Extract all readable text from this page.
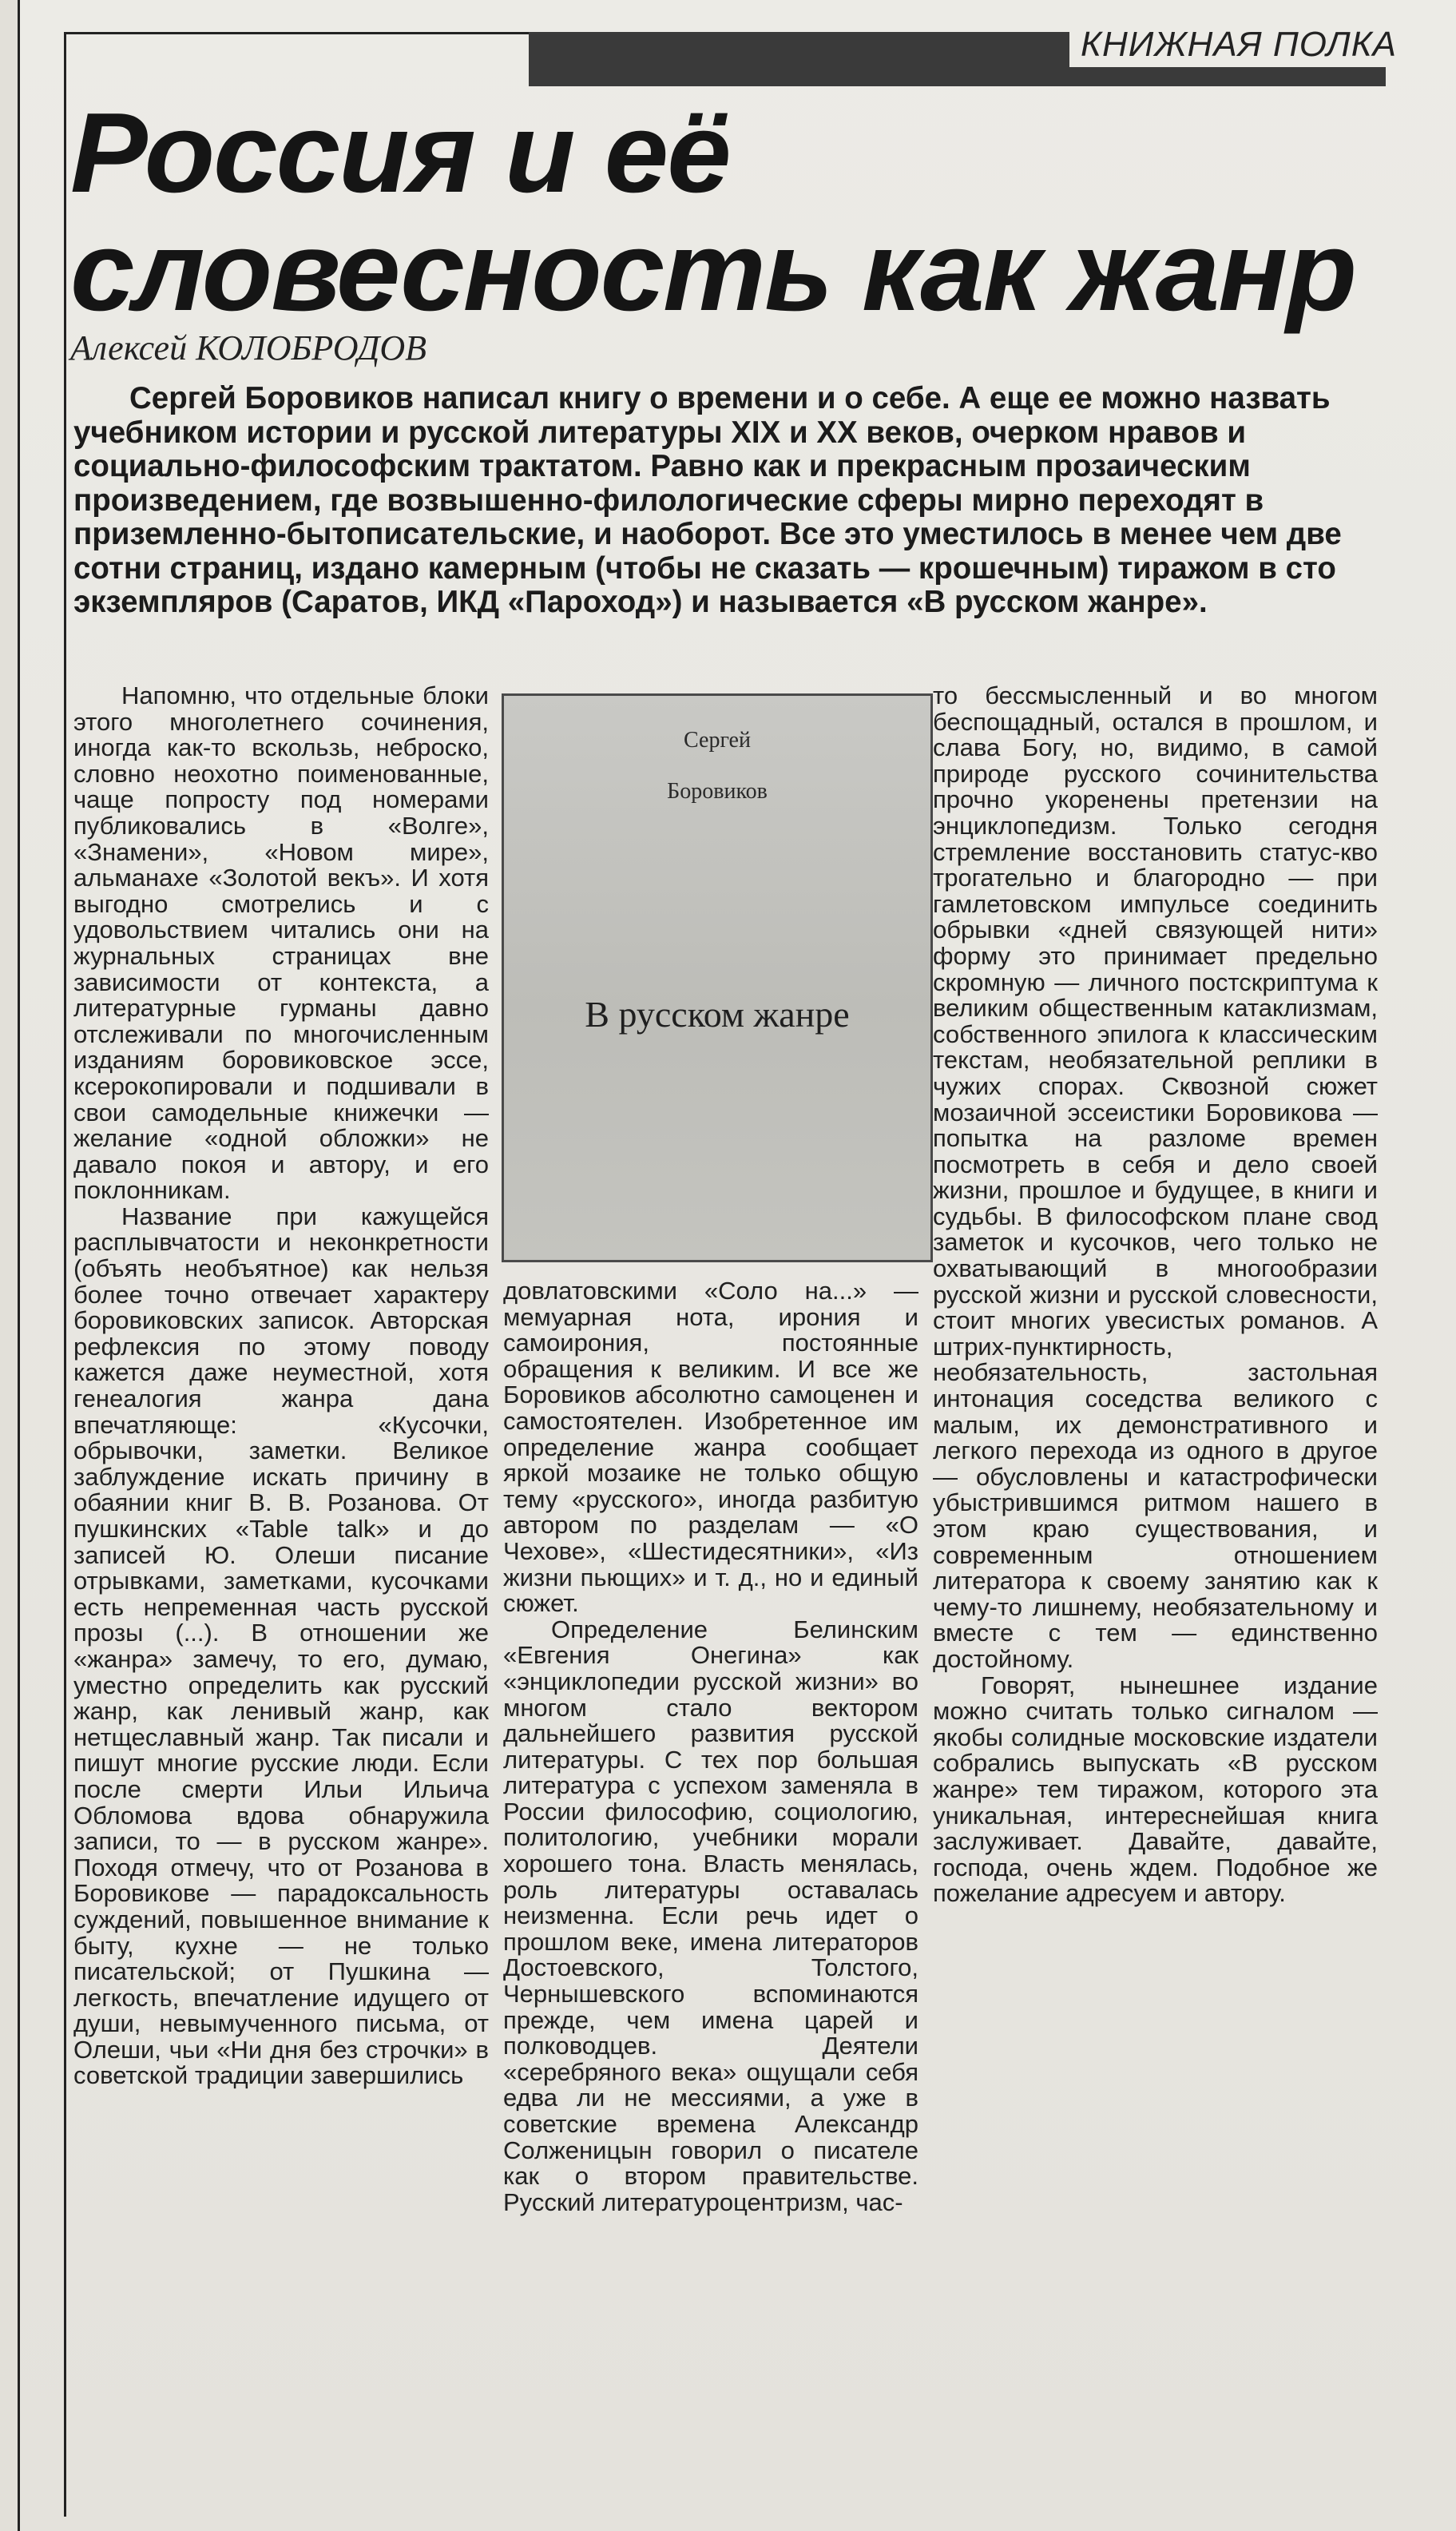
КНИЖНАЯ ПОЛКА
Россия и её словесность как жанр
Алексей КОЛОБРОДОВ

Сергей Боровиков написал книгу о времени и о себе. А еще ее можно назвать учебником истории и русской литературы XIX и XX веков, очерком нравов и социально-философским трактатом. Равно как и прекрасным прозаическим произведением, где возвышенно-филологические сферы мирно переходят в приземленно-бытописательские, и наоборот. Все это уместилось в менее чем две сотни страниц, издано камерным (чтобы не сказать — крошечным) тиражом в сто экземпляров (Саратов, ИКД «Пароход») и называется «В русском жанре».

Напомню, что отдельные блоки этого многолетнего сочинения, иногда как-то вскользь, неброско, словно неохотно поименованные, чаще попросту под номерами публиковались в «Волге», «Знамени», «Новом мире», альманахе «Золотой векъ». И хотя выгодно смотрелись и с удовольствием читались они на журнальных страницах вне зависимости от контекста, а литературные гурманы давно отслеживали по многочисленным изданиям боровиковское эссе, ксерокопировали и подшивали в свои самодельные книжечки — желание «одной обложки» не давало покоя и автору, и его поклонникам.

Название при кажущейся расплывчатости и неконкретности (объять необъятное) как нельзя более точно отвечает характеру боровиковских записок. Авторская рефлексия по этому поводу кажется даже неуместной, хотя генеалогия жанра дана впечатляюще: «Кусочки, обрывочки, заметки. Великое заблуждение искать причину в обаянии книг В. В. Розанова. От пушкинских «Table talk» и до записей Ю. Олеши писание отрывками, заметками, кусочками есть непременная часть русской прозы (...). В отношении же «жанра» замечу, то его, думаю, уместно определить как русский жанр, как ленивый жанр, как нетщеславный жанр. Так писали и пишут многие русские люди. Если после смерти Ильи Ильича Обломова вдова обнаружила записи, то — в русском жанре». Походя отмечу, что от Розанова в Боровикове — парадоксальность суждений, повышенное внимание к быту, кухне — не только писательской; от Пушкина — легкость, впечатление идущего от души, невымученного письма, от Олеши, чьи «Ни дня без строчки» в советской традиции завершились

Сергей
Боровиков
В русском жанре

довлатовскими «Соло на...» — мемуарная нота, ирония и самоирония, постоянные обращения к великим. И все же Боровиков абсолютно самоценен и самостоятелен. Изобретенное им определение жанра сообщает яркой мозаике не только общую тему «русского», иногда разбитую автором по разделам — «О Чехове», «Шестидесятники», «Из жизни пьющих» и т. д., но и единый сюжет.

Определение Белинским «Евгения Онегина» как «энциклопедии русской жизни» во многом стало вектором дальнейшего развития русской литературы. С тех пор большая литература с успехом заменяла в России философию, социологию, политологию, учебники морали хорошего тона. Власть менялась, роль литературы оставалась неизменна. Если речь идет о прошлом веке, имена литераторов Достоевского, Толстого, Чернышевского вспоминаются прежде, чем имена царей и полководцев. Деятели «серебряного века» ощущали себя едва ли не мессиями, а уже в советские времена Александр Солженицын говорил о писателе как о втором правительстве. Русский литературоцентризм, час-

то бессмысленный и во многом беспощадный, остался в прошлом, и слава Богу, но, видимо, в самой природе русского сочинительства прочно укоренены претензии на энциклопедизм. Только сегодня стремление восстановить статус-кво трогательно и благородно — при гамлетовском импульсе соединить обрывки «дней связующей нити» форму это принимает предельно скромную — личного постскриптума к великим общественным катаклизмам, собственного эпилога к классическим текстам, необязательной реплики в чужих спорах. Сквозной сюжет мозаичной эссеистики Боровикова — попытка на разломе времен посмотреть в себя и дело своей жизни, прошлое и будущее, в книги и судьбы. В философском плане свод заметок и кусочков, чего только не охватывающий в многообразии русской жизни и русской словесности, стоит многих увесистых романов. А штрих-пунктирность, необязательность, застольная интонация соседства великого с малым, их демонстративного и легкого перехода из одного в другое — обусловлены и катастрофически убыстрившимся ритмом нашего в этом краю существования, и современным отношением литератора к своему занятию как к чему-то лишнему, необязательному и вместе с тем — единственно достойному.

Говорят, нынешнее издание можно считать только сигналом — якобы солидные московские издатели собрались выпускать «В русском жанре» тем тиражом, которого эта уникальная, интереснейшая книга заслуживает. Давайте, давайте, господа, очень ждем. Подобное же пожелание адресуем и автору.
